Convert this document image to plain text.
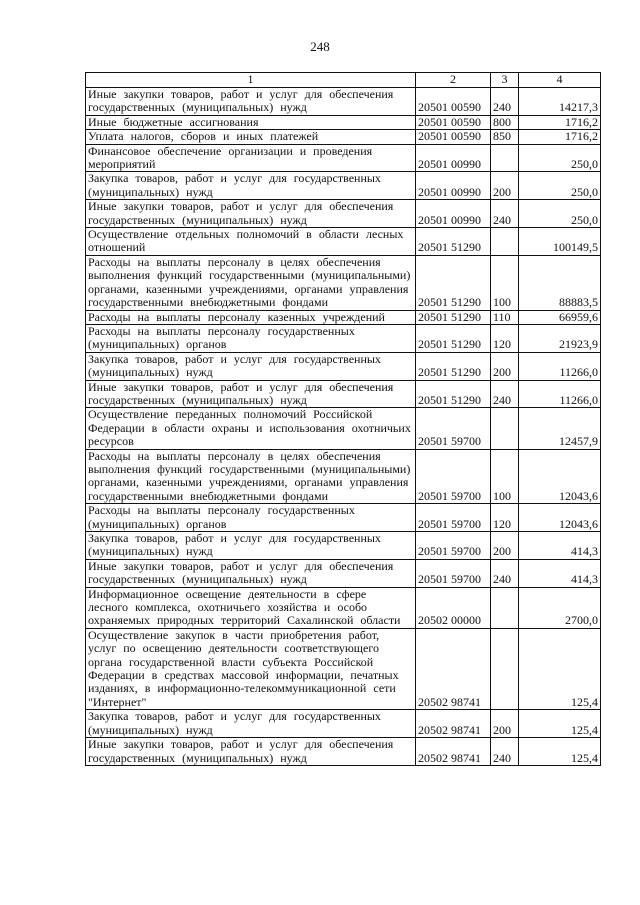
248
1	2	3	4
Иные закупки товаров, работ и услуг для обеспечения государственных (муниципальных) нужд	20501 00590	240	14217,3
Иные бюджетные ассигнования	20501 00590	800	1716,2
Уплата налогов, сборов и иных платежей	20501 00590	850	1716,2
Финансовое обеспечение организации и проведения мероприятий	20501 00990		250,0
Закупка товаров, работ и услуг для государственных (муниципальных) нужд	20501 00990	200	250,0
Иные закупки товаров, работ и услуг для обеспечения государственных (муниципальных) нужд	20501 00990	240	250,0
Осуществление отдельных полномочий в области лесных отношений	20501 51290		100149,5
Расходы на выплаты персоналу в целях обеспечения выполнения функций государственными (муниципальными) органами, казенными учреждениями, органами управления государственными внебюджетными фондами	20501 51290	100	88883,5
Расходы на выплаты персоналу казенных учреждений	20501 51290	110	66959,6
Расходы на выплаты персоналу государственных (муниципальных) органов	20501 51290	120	21923,9
Закупка товаров, работ и услуг для государственных (муниципальных) нужд	20501 51290	200	11266,0
Иные закупки товаров, работ и услуг для обеспечения государственных (муниципальных) нужд	20501 51290	240	11266,0
Осуществление переданных полномочий Российской Федерации в области охраны и использования охотничьих ресурсов	20501 59700		12457,9
Расходы на выплаты персоналу в целях обеспечения выполнения функций государственными (муниципальными) органами, казенными учреждениями, органами управления государственными внебюджетными фондами	20501 59700	100	12043,6
Расходы на выплаты персоналу государственных (муниципальных) органов	20501 59700	120	12043,6
Закупка товаров, работ и услуг для государственных (муниципальных) нужд	20501 59700	200	414,3
Иные закупки товаров, работ и услуг для обеспечения государственных (муниципальных) нужд	20501 59700	240	414,3
Информационное освещение деятельности в сфере лесного комплекса, охотничьего хозяйства и особо охраняемых природных территорий Сахалинской области	20502 00000		2700,0
Осуществление закупок в части приобретения работ, услуг по освещению деятельности соответствующего органа государственной власти субъекта Российской Федерации в средствах массовой информации, печатных изданиях, в информационно-телекоммуникационной сети "Интернет"	20502 98741		125,4
Закупка товаров, работ и услуг для государственных (муниципальных) нужд	20502 98741	200	125,4
Иные закупки товаров, работ и услуг для обеспечения государственных (муниципальных) нужд	20502 98741	240	125,4
